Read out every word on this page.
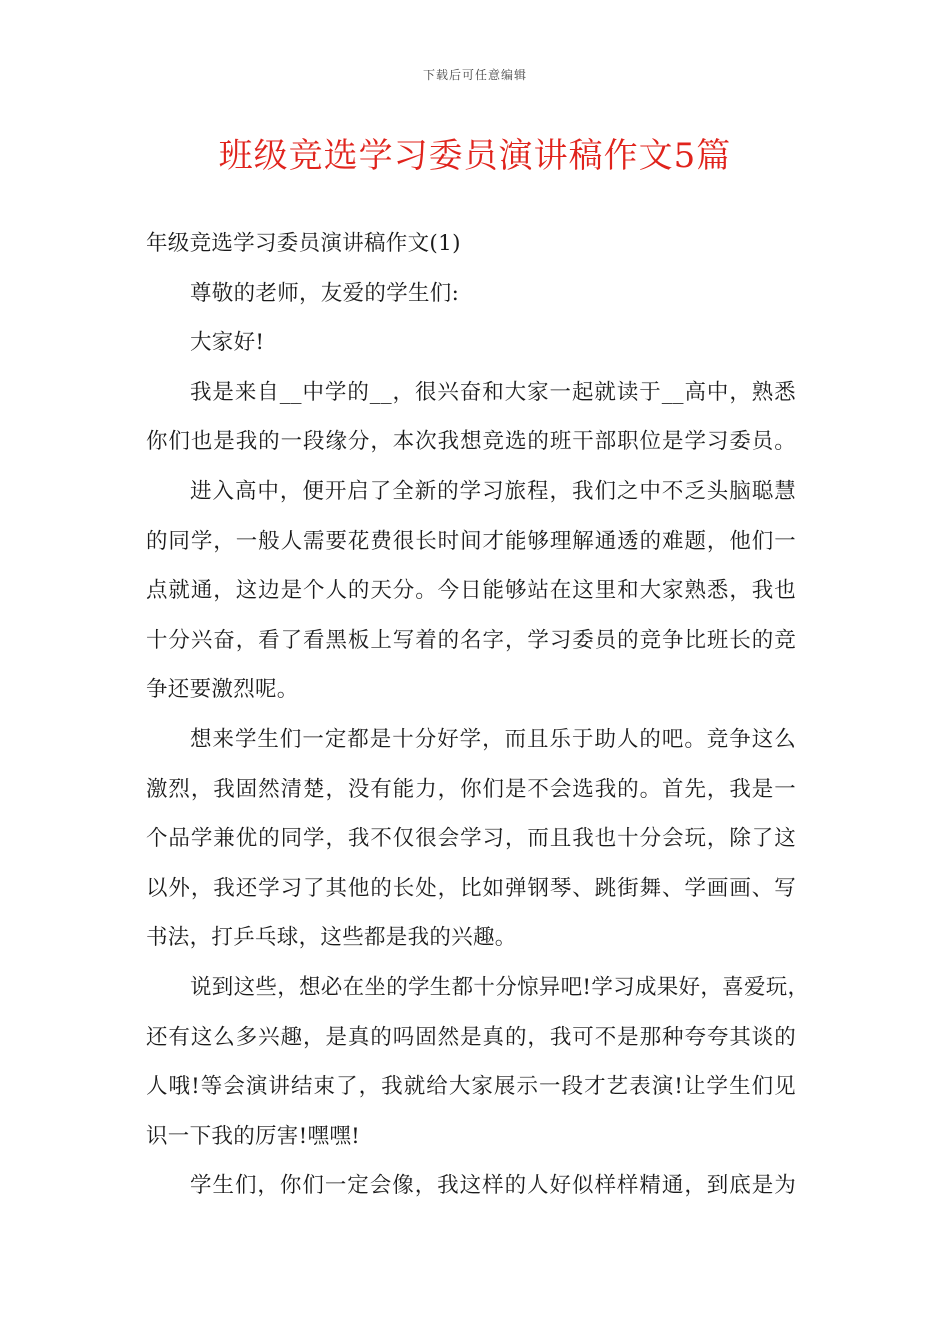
下载后可任意编辑
班级竞选学习委员演讲稿作文5篇
年级竞选学习委员演讲稿作文(1)
尊敬的老师，友爱的学生们:
大家好!
我是来自__中学的__，很兴奋和大家一起就读于__高中，熟悉
你们也是我的一段缘分，本次我想竞选的班干部职位是学习委员。
进入高中，便开启了全新的学习旅程，我们之中不乏头脑聪慧
的同学，一般人需要花费很长时间才能够理解通透的难题，他们一
点就通，这边是个人的天分。今日能够站在这里和大家熟悉，我也
十分兴奋，看了看黑板上写着的名字，学习委员的竞争比班长的竞
争还要激烈呢。
想来学生们一定都是十分好学，而且乐于助人的吧。竞争这么
激烈，我固然清楚，没有能力，你们是不会选我的。首先，我是一
个品学兼优的同学，我不仅很会学习，而且我也十分会玩，除了这
以外，我还学习了其他的长处，比如弹钢琴、跳街舞、学画画、写
书法，打乒乓球，这些都是我的兴趣。
说到这些，想必在坐的学生都十分惊异吧!学习成果好，喜爱玩，
还有这么多兴趣，是真的吗固然是真的，我可不是那种夸夸其谈的
人哦!等会演讲结束了，我就给大家展示一段才艺表演!让学生们见
识一下我的厉害!嘿嘿!
学生们，你们一定会像，我这样的人好似样样精通，到底是为
